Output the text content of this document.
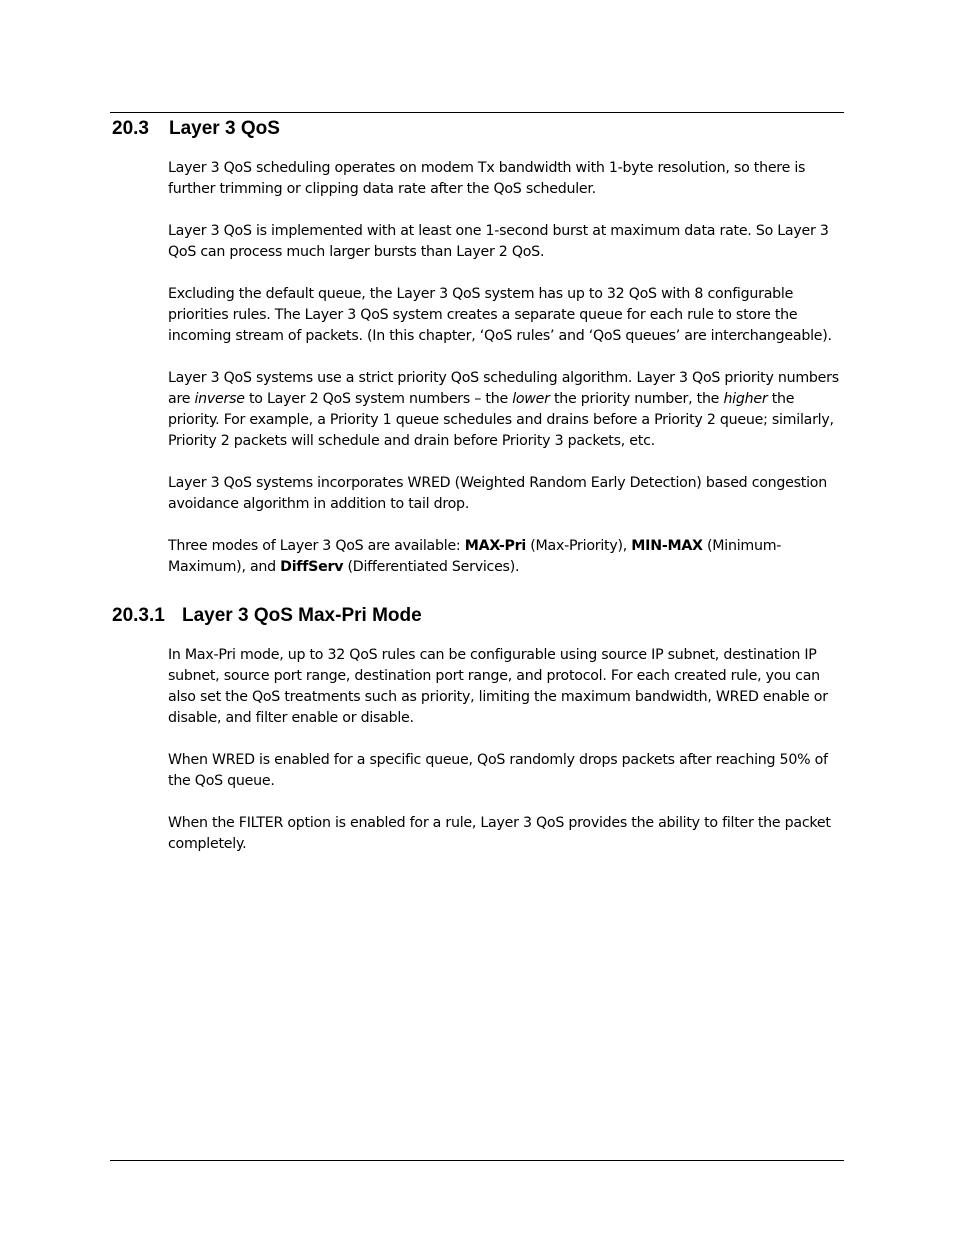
20.3 Layer 3 QoS

Layer 3 QoS scheduling operates on modem Tx bandwidth with 1-byte resolution, so there is further trimming or clipping data rate after the QoS scheduler.

Layer 3 QoS is implemented with at least one 1-second burst at maximum data rate. So Layer 3 QoS can process much larger bursts than Layer 2 QoS.

Excluding the default queue, the Layer 3 QoS system has up to 32 QoS with 8 configurable priorities rules. The Layer 3 QoS system creates a separate queue for each rule to store the incoming stream of packets. (In this chapter, ‘QoS rules’ and ‘QoS queues’ are interchangeable).

Layer 3 QoS systems use a strict priority QoS scheduling algorithm. Layer 3 QoS priority numbers are inverse to Layer 2 QoS system numbers – the lower the priority number, the higher the priority. For example, a Priority 1 queue schedules and drains before a Priority 2 queue; similarly, Priority 2 packets will schedule and drain before Priority 3 packets, etc.

Layer 3 QoS systems incorporates WRED (Weighted Random Early Detection) based congestion avoidance algorithm in addition to tail drop.

Three modes of Layer 3 QoS are available: MAX-Pri (Max-Priority), MIN-MAX (Minimum-Maximum), and DiffServ (Differentiated Services).

20.3.1 Layer 3 QoS Max-Pri Mode

In Max-Pri mode, up to 32 QoS rules can be configurable using source IP subnet, destination IP subnet, source port range, destination port range, and protocol. For each created rule, you can also set the QoS treatments such as priority, limiting the maximum bandwidth, WRED enable or disable, and filter enable or disable.

When WRED is enabled for a specific queue, QoS randomly drops packets after reaching 50% of the QoS queue.

When the FILTER option is enabled for a rule, Layer 3 QoS provides the ability to filter the packet completely.
